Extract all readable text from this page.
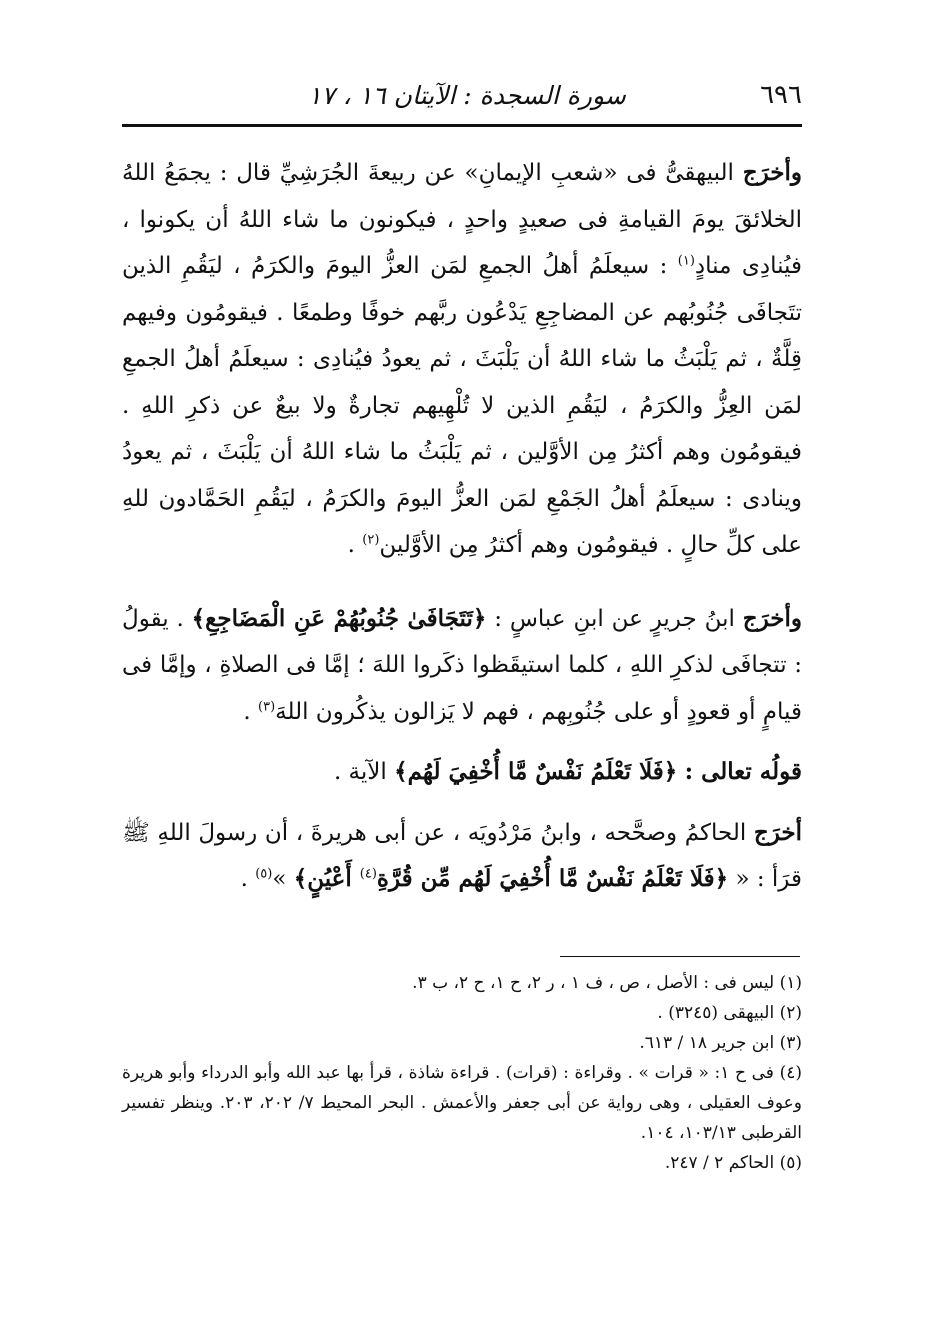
٦٩٦
سورة السجدة : الآيتان ١٦ ، ١٧

وأخرَج البيهقىُّ فى «شعبِ الإيمانِ» عن ربيعةَ الجُرَشِيِّ قال : يجمَعُ اللهُ الخلائقَ يومَ القيامةِ فى صعيدٍ واحدٍ ، فيكونون ما شاء اللهُ أن يكونوا ، فيُنادِى منادٍ$^{(١)}$ : سيعلَمُ أهلُ الجمعِ لمَن العزُّ اليومَ والكرَمُ ، ليَقُمِ الذين تتَجافَى جُنُوبُهم عن المضاجِعِ يَدْعُون ربَّهم خوفًا وطمعًا . فيقومُون وفيهم قِلَّةٌ ، ثم يَلْبَثُ ما شاء اللهُ أن يَلْبَثَ ، ثم يعودُ فيُنادِى : سيعلَمُ أهلُ الجمعِ لمَن العِزُّ والكرَمُ ، ليَقُمِ الذين لا تُلْهِيهم تجارةٌ ولا بيعٌ عن ذكرِ اللهِ . فيقومُون وهم أكثرُ مِن الأوَّلين ، ثم يَلْبَثُ ما شاء اللهُ أن يَلْبَثَ ، ثم يعودُ وينادى : سيعلَمُ أهلُ الجَمْعِ لمَن العزُّ اليومَ والكرَمُ ، ليَقُمِ الحَمَّادون للهِ على كلِّ حالٍ . فيقومُون وهم أكثرُ مِن الأوَّلين$^{(٢)}$ .

وأخرَج ابنُ جريرٍ عن ابنِ عباسٍ : ﴿تَتَجَافَىٰ جُنُوبُهُمْ عَنِ الْمَضَاجِعِ﴾ . يقولُ : تتجافَى لذكرِ اللهِ ، كلما استيقَظوا ذكَروا اللهَ ؛ إمَّا فى الصلاةِ ، وإمَّا فى قيامٍ أو قعودٍ أو على جُنُوبِهم ، فهم لا يَزالون يذكُرون اللهَ$^{(٣)}$ .

قولُه تعالى : ﴿فَلَا تَعْلَمُ نَفْسٌ مَّا أُخْفِيَ لَهُم﴾ الآية .

أخرَج الحاكمُ وصحَّحه ، وابنُ مَرْدُويَه ، عن أبى هريرةَ ، أن رسولَ اللهِ ﷺ قرَأ : « ﴿فَلَا تَعْلَمُ نَفْسٌ مَّا أُخْفِيَ لَهُم مِّن قُرَّةِ$^{(٤)}$ أَعْيُنٍ﴾ »$^{(٥)}$ .

(١) ليس فى : الأصل ، ص ، ف ١ ، ر ٢، ح ١، ح ٢، ب ٣.

(٢) البيهقى (٣٢٤٥) .

(٣) ابن جرير ١٨ / ٦١٣.

(٤) فى ح ١: « قرات » . وقراءة : (قرات) . قراءة شاذة ، قرأ بها عبد الله وأبو الدرداء وأبو هريرة وعوف العقيلى ، وهى رواية عن أبى جعفر والأعمش . البحر المحيط ٧/ ٢٠٢، ٢٠٣. وينظر تفسير القرطبى ١٠٣/١٣، ١٠٤.

(٥) الحاكم ٢ / ٢٤٧.
